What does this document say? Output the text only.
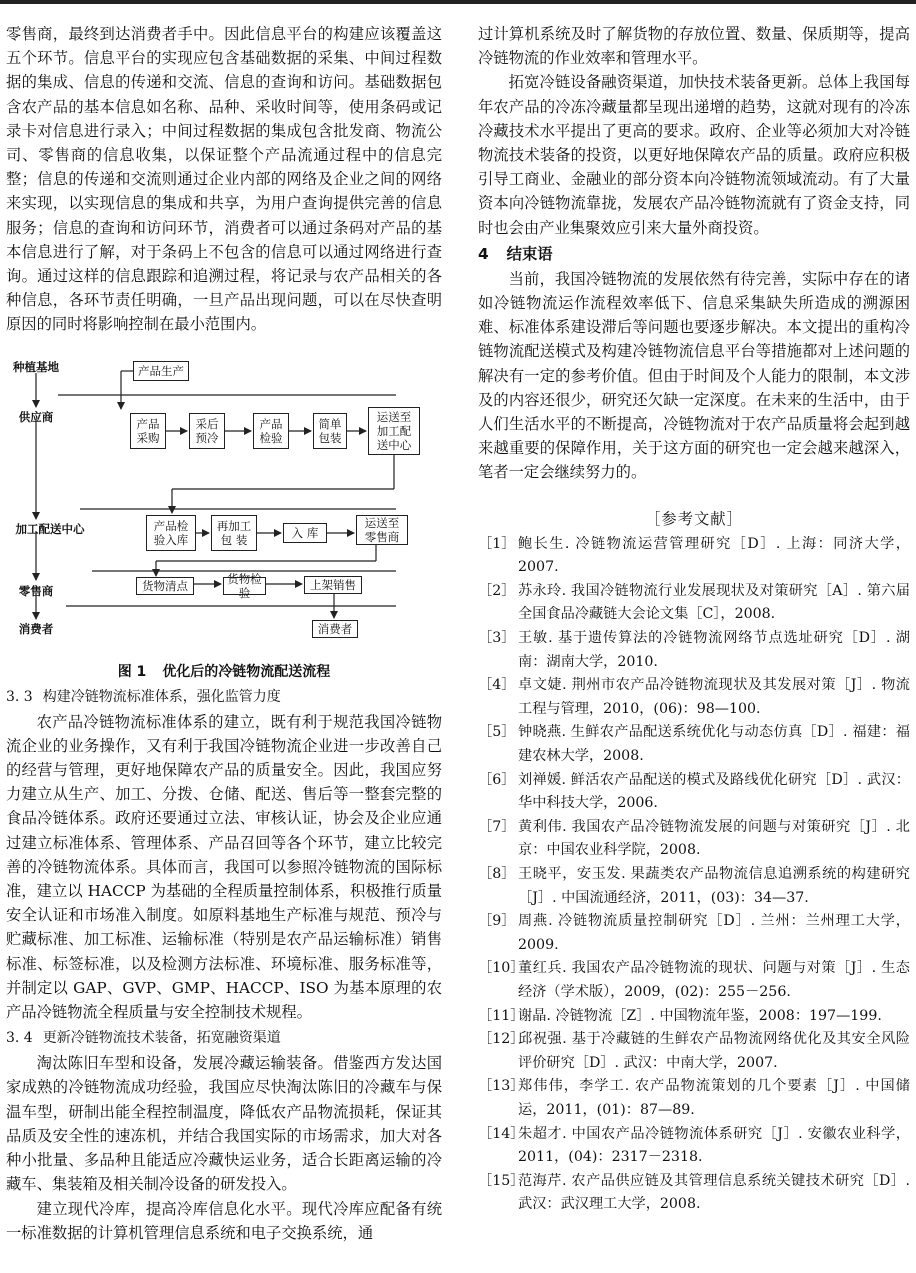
零售商，最终到达消费者手中。因此信息平台的构建应该覆盖这五个环节。信息平台的实现应包含基础数据的采集、中间过程数据的集成、信息的传递和交流、信息的查询和访问。基础数据包含农产品的基本信息如名称、品种、采收时间等，使用条码或记录卡对信息进行录入；中间过程数据的集成包含批发商、物流公司、零售商的信息收集，以保证整个产品流通过程中的信息完整；信息的传递和交流则通过企业内部的网络及企业之间的网络来实现，以实现信息的集成和共享，为用户查询提供完善的信息服务；信息的查询和访问环节，消费者可以通过条码对产品的基本信息进行了解，对于条码上不包含的信息可以通过网络进行查询。通过这样的信息跟踪和追溯过程，将记录与农产品相关的各种信息，各环节责任明确，一旦产品出现问题，可以在尽快查明原因的同时将影响控制在最小范围内。

种植基地
供应商
加工配送中心
零售商
消费者
产品生产
产品
采购
采后
预冷
产品
检验
简单
包装
运送至
加工配
送中心
产品检
验入库
再加工
包 装	入 库
运送至
零售商
货物清点	货物检验
上架销售
消费者
图 1 优化后的冷链物流配送流程

3. 3 构建冷链物流标准体系，强化监管力度

农产品冷链物流标准体系的建立，既有利于规范我国冷链物流企业的业务操作，又有利于我国冷链物流企业进一步改善自己的经营与管理，更好地保障农产品的质量安全。因此，我国应努力建立从生产、加工、分拨、仓储、配送、售后等一整套完整的食品冷链体系。政府还要通过立法、审核认证，协会及企业应通过建立标准体系、管理体系、产品召回等各个环节，建立比较完善的冷链物流体系。具体而言，我国可以参照冷链物流的国际标准，建立以 HACCP 为基础的全程质量控制体系，积极推行质量安全认证和市场准入制度。如原料基地生产标准与规范、预冷与贮藏标准、加工标准、运输标准（特别是农产品运输标准）销售标准、标签标准，以及检测方法标准、环境标准、服务标准等，并制定以 GAP、GVP、GMP、HACCP、ISO 为基本原理的农产品冷链物流全程质量与安全控制技术规程。

3. 4 更新冷链物流技术装备，拓宽融资渠道

淘汰陈旧车型和设备，发展冷藏运输装备。借鉴西方发达国家成熟的冷链物流成功经验，我国应尽快淘汰陈旧的冷藏车与保温车型，研制出能全程控制温度，降低农产品物流损耗，保证其品质及安全性的速冻机，并结合我国实际的市场需求，加大对各种小批量、多品种且能适应冷藏快运业务，适合长距离运输的冷藏车、集装箱及相关制冷设备的研发投入。

建立现代冷库，提高冷库信息化水平。现代冷库应配备有统一标准数据的计算机管理信息系统和电子交换系统，通

过计算机系统及时了解货物的存放位置、数量、保质期等，提高冷链物流的作业效率和管理水平。

拓宽冷链设备融资渠道，加快技术装备更新。总体上我国每年农产品的冷冻冷藏量都呈现出递增的趋势，这就对现有的冷冻冷藏技术水平提出了更高的要求。政府、企业等必须加大对冷链物流技术装备的投资，以更好地保障农产品的质量。政府应积极引导工商业、金融业的部分资本向冷链物流领域流动。有了大量资本向冷链物流靠拢，发展农产品冷链物流就有了资金支持，同时也会由产业集聚效应引来大量外商投资。

4 结束语

当前，我国冷链物流的发展依然有待完善，实际中存在的诸如冷链物流运作流程效率低下、信息采集缺失所造成的溯源困难、标准体系建设滞后等问题也要逐步解决。本文提出的重构冷链物流配送模式及构建冷链物流信息平台等措施都对上述问题的解决有一定的参考价值。但由于时间及个人能力的限制，本文涉及的内容还很少，研究还欠缺一定深度。在未来的生活中，由于人们生活水平的不断提高，冷链物流对于农产品质量将会起到越来越重要的保障作用，关于这方面的研究也一定会越来越深入，笔者一定会继续努力的。

［参考文献］

［1］ 鲍长生. 冷链物流运营管理研究［D］. 上海：同济大学，2007.

［2］ 苏永玲. 我国冷链物流行业发展现状及对策研究［A］. 第六届全国食品冷藏链大会论文集［C］，2008.

［3］ 王敏. 基于遗传算法的冷链物流网络节点选址研究［D］. 湖南：湖南大学，2010.

［4］ 卓文婕. 荆州市农产品冷链物流现状及其发展对策［J］. 物流工程与管理，2010，(06)：98—100.

［5］ 钟晓燕. 生鲜农产品配送系统优化与动态仿真［D］. 福建：福建农林大学，2008.

［6］ 刘禅媛. 鲜活农产品配送的模式及路线优化研究［D］. 武汉：华中科技大学，2006.

［7］ 黄利伟. 我国农产品冷链物流发展的问题与对策研究［J］. 北京：中国农业科学院，2008.

［8］ 王晓平，安玉发. 果蔬类农产品物流信息追溯系统的构建研究［J］. 中国流通经济，2011，(03)：34—37.

［9］ 周燕. 冷链物流质量控制研究［D］. 兰州：兰州理工大学，2009.

［10］
董红兵. 我国农产品冷链物流的现状、问题与对策［J］. 生态经济（学术版），2009，(02)：255－256.

［11］
谢晶. 冷链物流［Z］. 中国物流年鉴，2008：197—199.

［12］
邱祝强. 基于冷藏链的生鲜农产品物流网络优化及其安全风险评价研究［D］. 武汉：中南大学，2007.

［13］
郑伟伟，李学工. 农产品物流策划的几个要素［J］. 中国储运，2011，(01)：87—89.

［14］
朱超才. 中国农产品冷链物流体系研究［J］. 安徽农业科学，2011，(04)：2317－2318.

［15］
范海芹. 农产品供应链及其管理信息系统关键技术研究［D］. 武汉：武汉理工大学，2008.
